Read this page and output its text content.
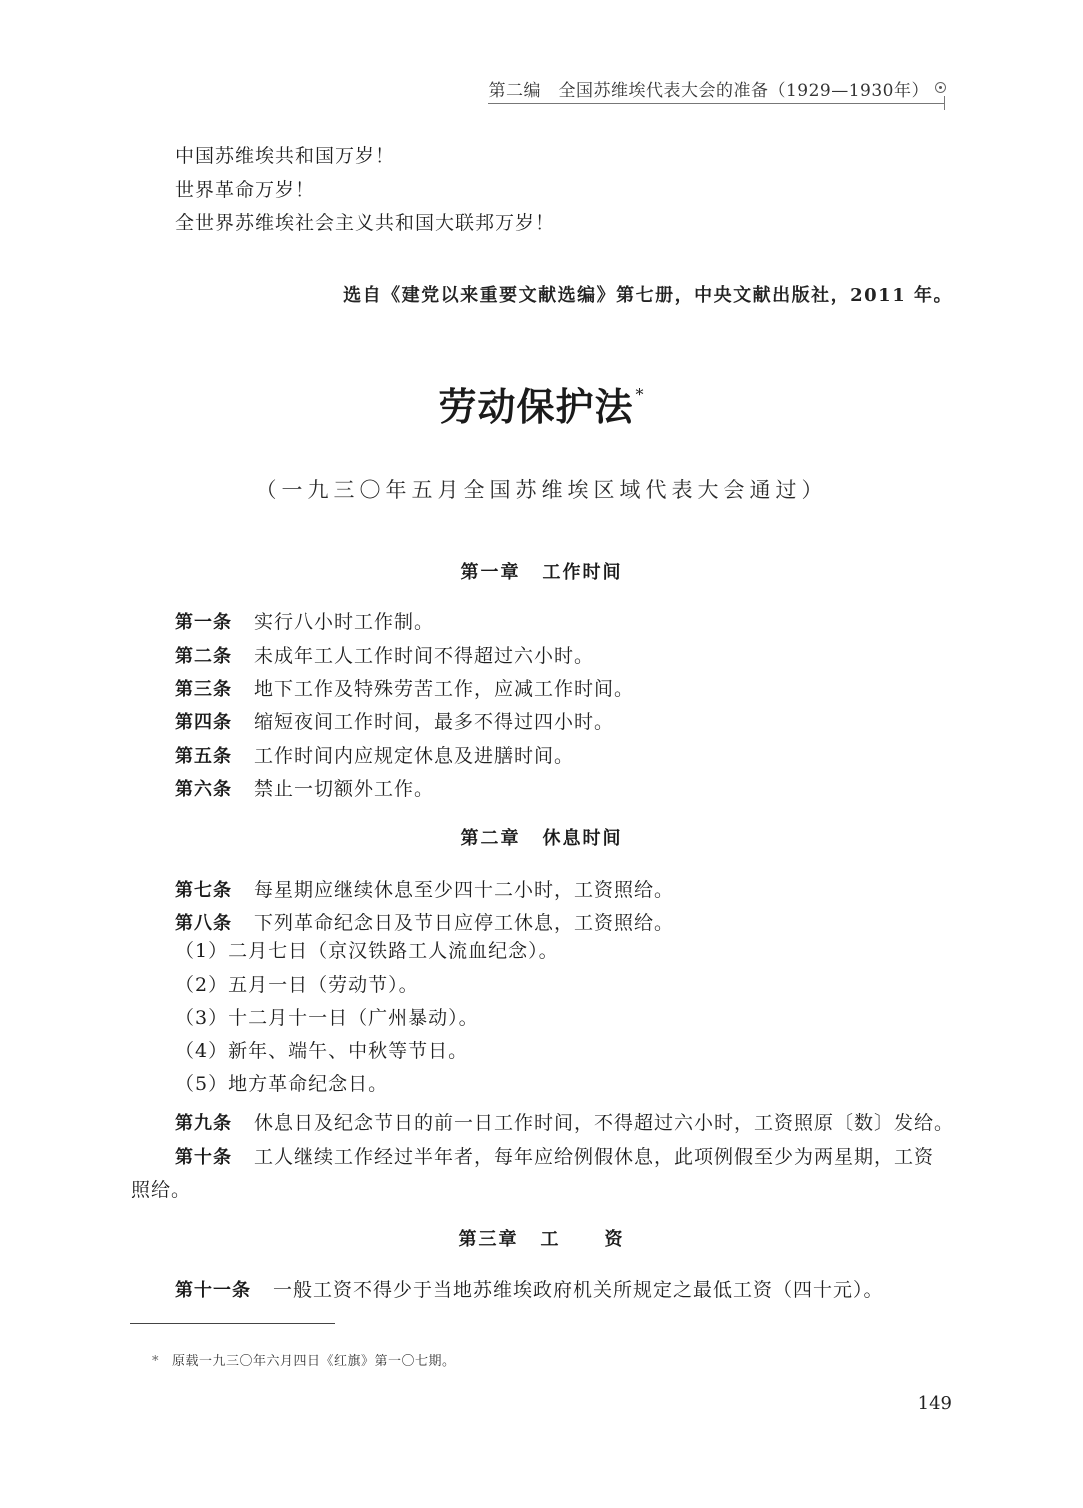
第二编　全国苏维埃代表大会的准备（1929—1930年）
中国苏维埃共和国万岁！
世界革命万岁！
全世界苏维埃社会主义共和国大联邦万岁！
选自《建党以来重要文献选编》第七册，中央文献出版社，2011 年。
劳动保护法 *
（一九三〇年五月全国苏维埃区域代表大会通过）
第一章 工作时间
第一条 实行八小时工作制。
第二条 未成年工人工作时间不得超过六小时。
第三条 地下工作及特殊劳苦工作，应减工作时间。
第四条 缩短夜间工作时间，最多不得过四小时。
第五条 工作时间内应规定休息及进膳时间。
第六条 禁止一切额外工作。
第二章 休息时间
第七条 每星期应继续休息至少四十二小时，工资照给。
第八条 下列革命纪念日及节日应停工休息，工资照给。
（1）二月七日（京汉铁路工人流血纪念）。
（2）五月一日（劳动节）。
（3）十二月十一日（广州暴动）。
（4）新年、端午、中秋等节日。
（5）地方革命纪念日。
第九条 休息日及纪念节日的前一日工作时间，不得超过六小时，工资照原〔数〕发给。
第十条 工人继续工作经过半年者，每年应给例假休息，此项例假至少为两星期，工资
照给。
第三章 工 资
第十一条 一般工资不得少于当地苏维埃政府机关所规定之最低工资（四十元）。
* 原载一九三〇年六月四日《红旗》第一〇七期。
149
